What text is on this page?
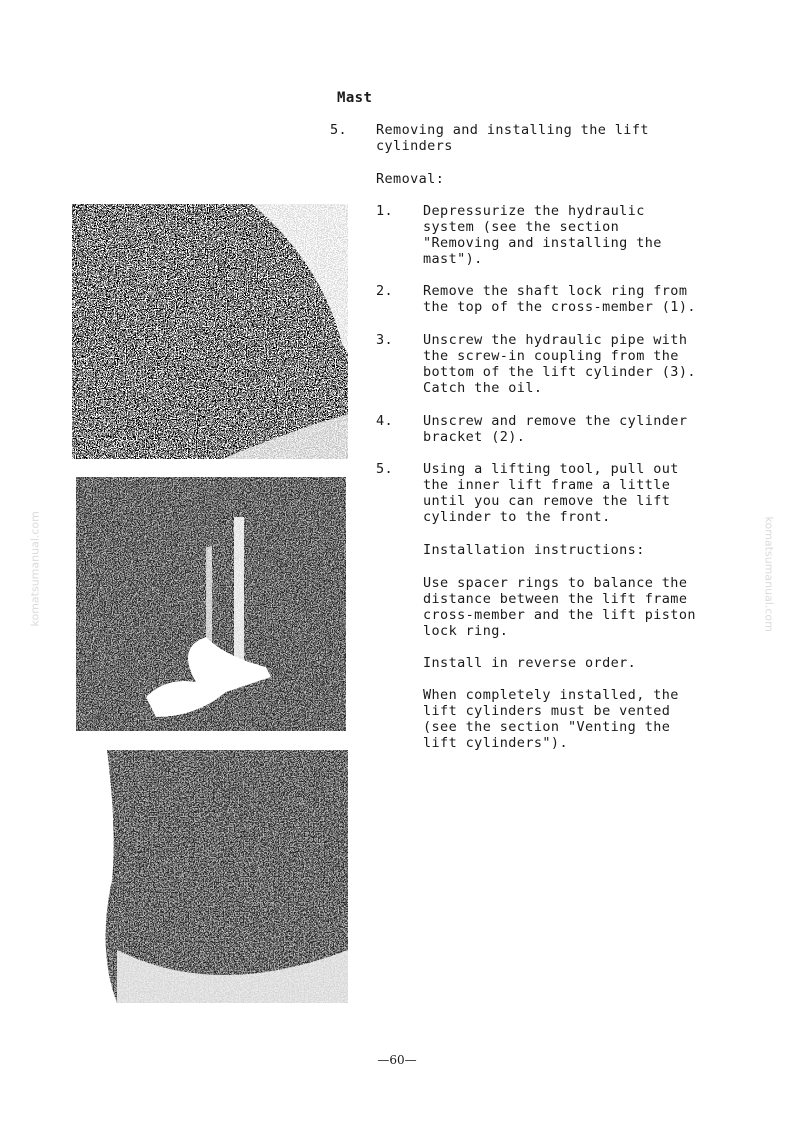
Mast
5. Removing and installing the lift
cylinders
Removal:
1. Depressurize the hydraulic
system (see the section
"Removing and installing the
mast").
2. Remove the shaft lock ring from
the top of the cross-member (1).
3. Unscrew the hydraulic pipe with
the screw-in coupling from the
bottom of the lift cylinder (3).
Catch the oil.
4. Unscrew and remove the cylinder
bracket (2).
5. Using a lifting tool, pull out
the inner lift frame a little
until you can remove the lift
cylinder to the front.
Installation instructions:
Use spacer rings to balance the
distance between the lift frame
cross-member and the lift piston
lock ring.
Install in reverse order.
When completely installed, the
lift cylinders must be vented
(see the section "Venting the
lift cylinders").
komatsumanual.com	komatsumanual.com
—60—
